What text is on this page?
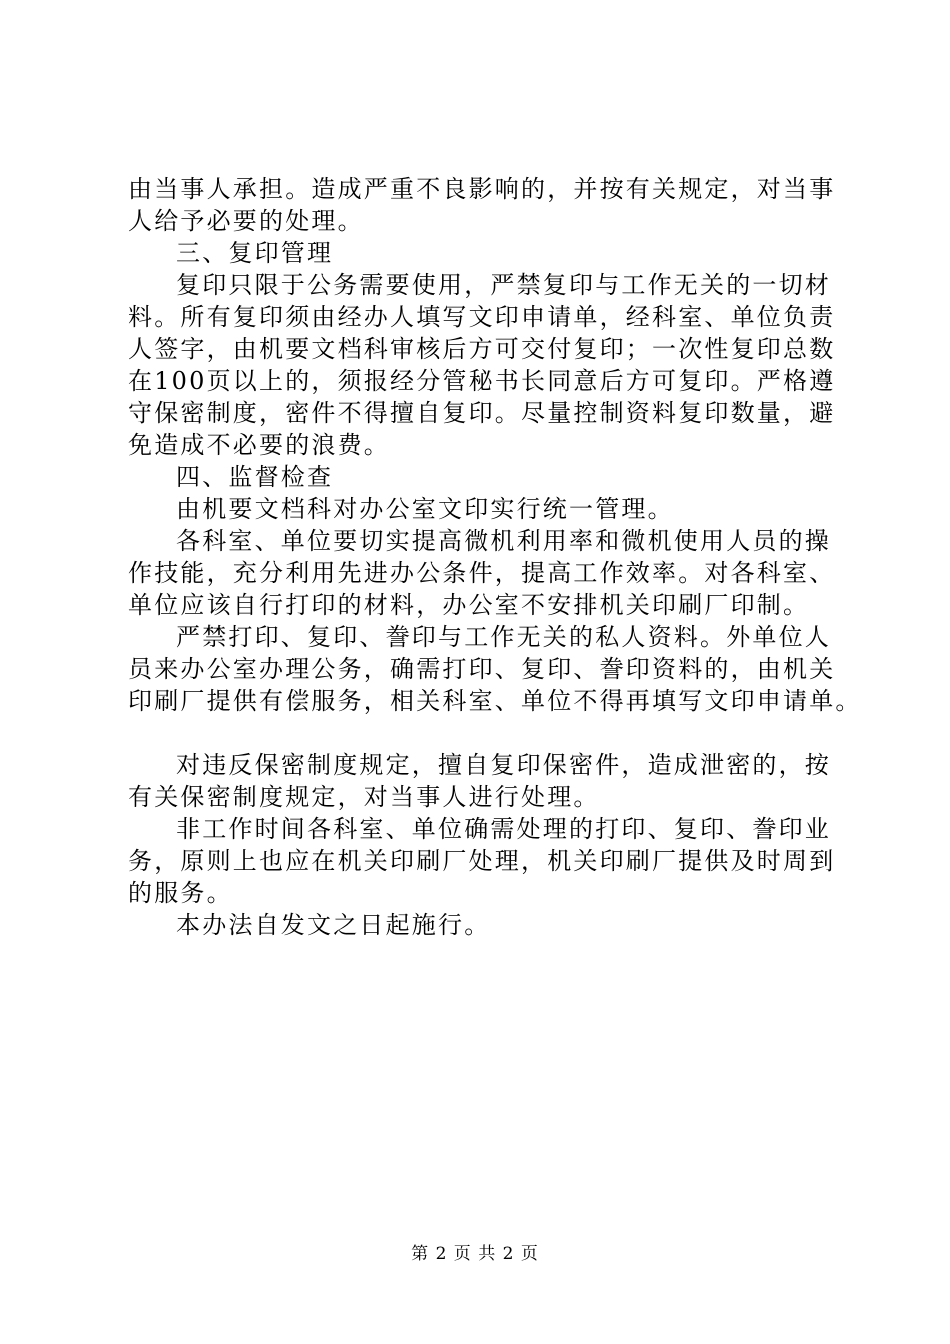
由当事人承担。造成严重不良影响的，并按有关规定，对当事
人给予必要的处理。
三、复印管理
复印只限于公务需要使用，严禁复印与工作无关的一切材
料。所有复印须由经办人填写文印申请单，经科室、单位负责
人签字，由机要文档科审核后方可交付复印；一次性复印总数
在100页以上的，须报经分管秘书长同意后方可复印。严格遵
守保密制度，密件不得擅自复印。尽量控制资料复印数量，避
免造成不必要的浪费。
四、监督检查
由机要文档科对办公室文印实行统一管理。
各科室、单位要切实提高微机利用率和微机使用人员的操
作技能，充分利用先进办公条件，提高工作效率。对各科室、
单位应该自行打印的材料，办公室不安排机关印刷厂印制。
严禁打印、复印、誊印与工作无关的私人资料。外单位人
员来办公室办理公务，确需打印、复印、誊印资料的，由机关
印刷厂提供有偿服务，相关科室、单位不得再填写文印申请单。
对违反保密制度规定，擅自复印保密件，造成泄密的，按
有关保密制度规定，对当事人进行处理。
非工作时间各科室、单位确需处理的打印、复印、誊印业
务，原则上也应在机关印刷厂处理，机关印刷厂提供及时周到
的服务。
本办法自发文之日起施行。
第 2 页 共 2 页
